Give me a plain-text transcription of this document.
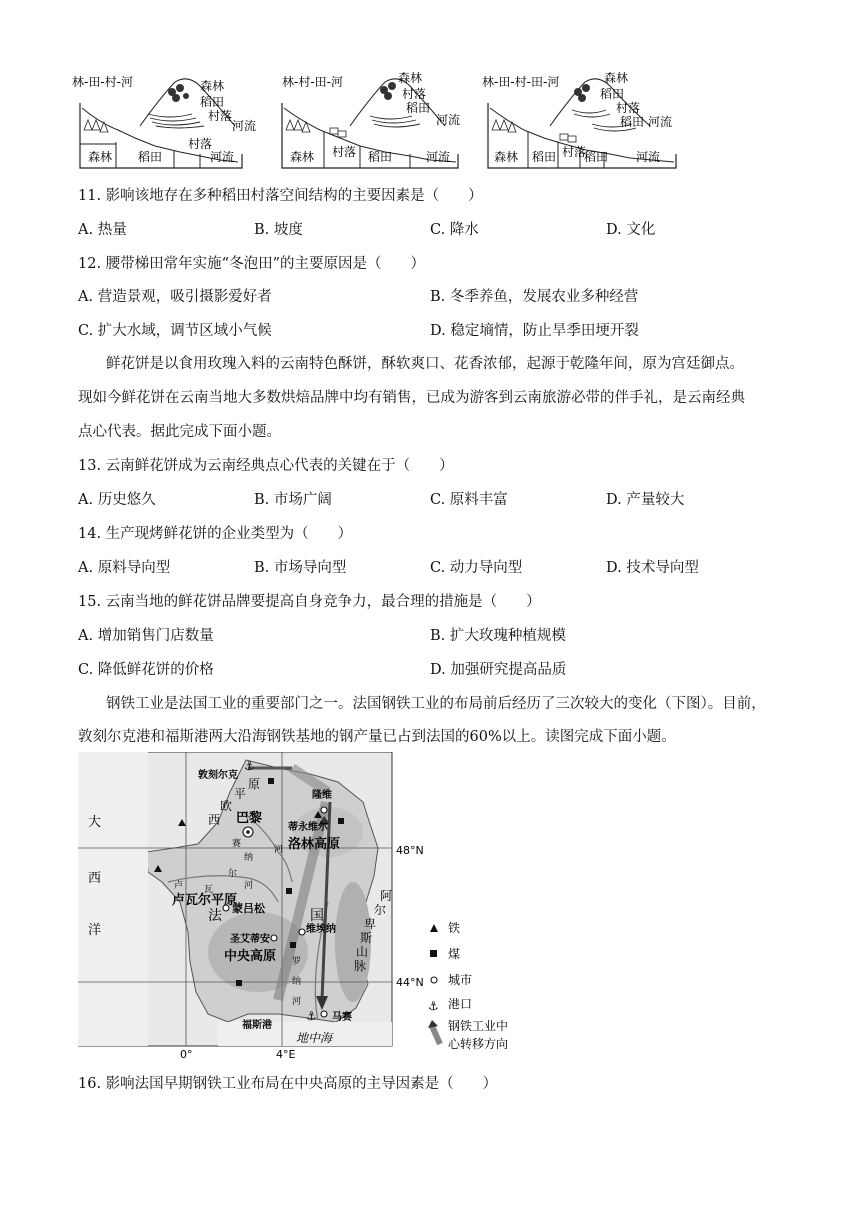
林-田-村-河
森林 稻田
村落
河流
森林
稻田
村落
河流
林-村-田-河
森林 村落 稻田	河流
森林
村落
稻田
河流
林-田-村-田-河
森林 稻田 村落
稻田 河流
森林
稻田
村落
稻田 河流
11. 影响该地存在多种稻田村落空间结构的主要因素是（　　）
A. 热量	B. 坡度	C. 降水	D. 文化
12. 腰带梯田常年实施“冬泡田”的主要原因是（　　）
A. 营造景观，吸引摄影爱好者	B. 冬季养鱼，发展农业多种经营
C. 扩大水域，调节区域小气候	D. 稳定墒情，防止旱季田埂开裂
鲜花饼是以食用玫瑰入料的云南特色酥饼，酥软爽口、花香浓郁，起源于乾隆年间，原为宫廷御点。
现如今鲜花饼在云南当地大多数烘焙品牌中均有销售，已成为游客到云南旅游必带的伴手礼，是云南经典
点心代表。据此完成下面小题。
13. 云南鲜花饼成为云南经典点心代表的关键在于（　　）
A. 历史悠久	B. 市场广阔	C. 原料丰富	D. 产量较大
14. 生产现烤鲜花饼的企业类型为（　　）
A. 原料导向型	B. 市场导向型	C. 动力导向型	D. 技术导向型
15. 云南当地的鲜花饼品牌要提高自身竞争力，最合理的措施是（　　）
A. 增加销售门店数量	B. 扩大玫瑰种植规模
C. 降低鲜花饼的价格	D. 加强研究提高品质
钢铁工业是法国工业的重要部门之一。法国钢铁工业的布局前后经历了三次较大的变化（下图）。目前，
敦刻尔克港和福斯港两大沿海钢铁基地的钢产量已占到法国的60%以上。读图完成下面小题。
⚓
⚓
敦刻尔克
平
原
欧
西 巴黎
赛
纳
河
隆维
蒂永维尔
洛林高原
大
西
洋
卢 瓦
尔
河
卢瓦尔平原
法	国
蒙吕松
维埃纳
圣艾蒂安
中央高原 罗
纳
河
福斯港
马赛
地中海
阿
尔
卑
斯
山
脉
48°N
44°N
0°	4°E
铁
煤
城市
⚓ 港口
钢铁工业中
心转移方向
16. 影响法国早期钢铁工业布局在中央高原的主导因素是（　　）
